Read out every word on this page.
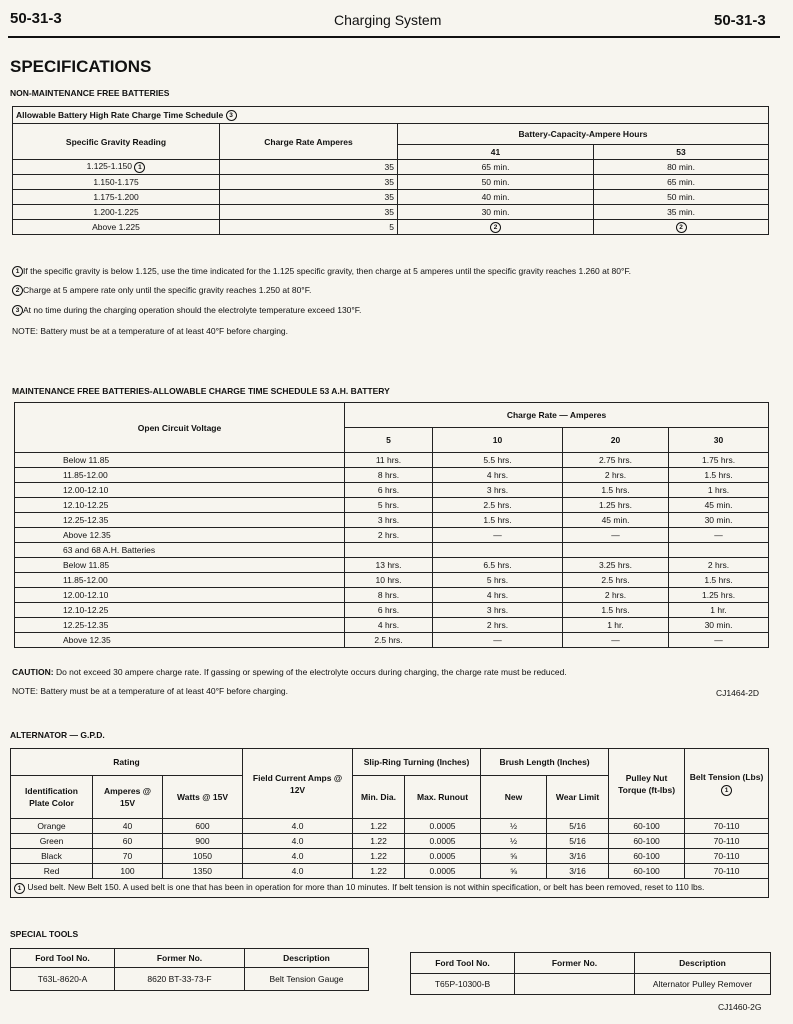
50-31-3	Charging System	50-31-3
SPECIFICATIONS
NON-MAINTENANCE FREE BATTERIES
Allowable Battery High Rate Charge Time Schedule 3			
Specific Gravity Reading	Charge Rate Amperes	Battery-Capacity-Ampere Hours	
		41	53
1.125-1.150 1	35	65 min.	80 min.
1.150-1.175	35	50 min.	65 min.
1.175-1.200	35	40 min.	50 min.
1.200-1.225	35	30 min.	35 min.
Above 1.225	5	2	2
1 If the specific gravity is below 1.125, use the time indicated for the 1.125 specific gravity, then charge at 5 amperes until the specific gravity reaches 1.260 at 80°F.
2 Charge at 5 ampere rate only until the specific gravity reaches 1.250 at 80°F.
3 At no time during the charging operation should the electrolyte temperature exceed 130°F.
NOTE: Battery must be at a temperature of at least 40°F before charging.
MAINTENANCE FREE BATTERIES-ALLOWABLE CHARGE TIME SCHEDULE 53 A.H. BATTERY
Open Circuit Voltage	Charge Rate — Amperes			
	5	10	20	30
Below 11.85	11 hrs.	5.5 hrs.	2.75 hrs.	1.75 hrs.
11.85-12.00	8 hrs.	4 hrs.	2 hrs.	1.5 hrs.
12.00-12.10	6 hrs.	3 hrs.	1.5 hrs.	1 hrs.
12.10-12.25	5 hrs.	2.5 hrs.	1.25 hrs.	45 min.
12.25-12.35	3 hrs.	1.5 hrs.	45 min.	30 min.
Above 12.35	2 hrs.	—	—	—
63 and 68 A.H. Batteries				
Below 11.85	13 hrs.	6.5 hrs.	3.25 hrs.	2 hrs.
11.85-12.00	10 hrs.	5 hrs.	2.5 hrs.	1.5 hrs.
12.00-12.10	8 hrs.	4 hrs.	2 hrs.	1.25 hrs.
12.10-12.25	6 hrs.	3 hrs.	1.5 hrs.	1 hr.
12.25-12.35	4 hrs.	2 hrs.	1 hr.	30 min.
Above 12.35	2.5 hrs.	—	—	—
CAUTION: Do not exceed 30 ampere charge rate. If gassing or spewing of the electrolyte occurs during charging, the charge rate must be reduced.
NOTE: Battery must be at a temperature of at least 40°F before charging.	CJ1464-2D
ALTERNATOR — G.P.D.
Rating			Field Current Amps @ 12V	Slip-Ring Turning (Inches)		Brush Length (Inches)		Pulley Nut Torque (ft-lbs)	Belt Tension (Lbs) 1
Identification Plate Color	Amperes @ 15V	Watts @ 15V		Min. Dia.	Max. Runout	New	Wear Limit		
Orange	40	600	4.0	1.22	0.0005	½	5/16	60-100	70-110
Green	60	900	4.0	1.22	0.0005	½	5/16	60-100	70-110
Black	70	1050	4.0	1.22	0.0005	⅝	3/16	60-100	70-110
Red	100	1350	4.0	1.22	0.0005	⅝	3/16	60-100	70-110
1 Used belt. New Belt 150. A used belt is one that has been in operation for more than 10 minutes. If belt tension is not within specification, or belt has been removed, reset to 110 lbs.									
SPECIAL TOOLS
Ford Tool No.	Former No.	Description
T63L-8620-A	8620 BT-33-73-F	Belt Tension Gauge
Ford Tool No.	Former No.	Description
T65P-10300-B		Alternator Pulley Remover
CJ1460-2G
